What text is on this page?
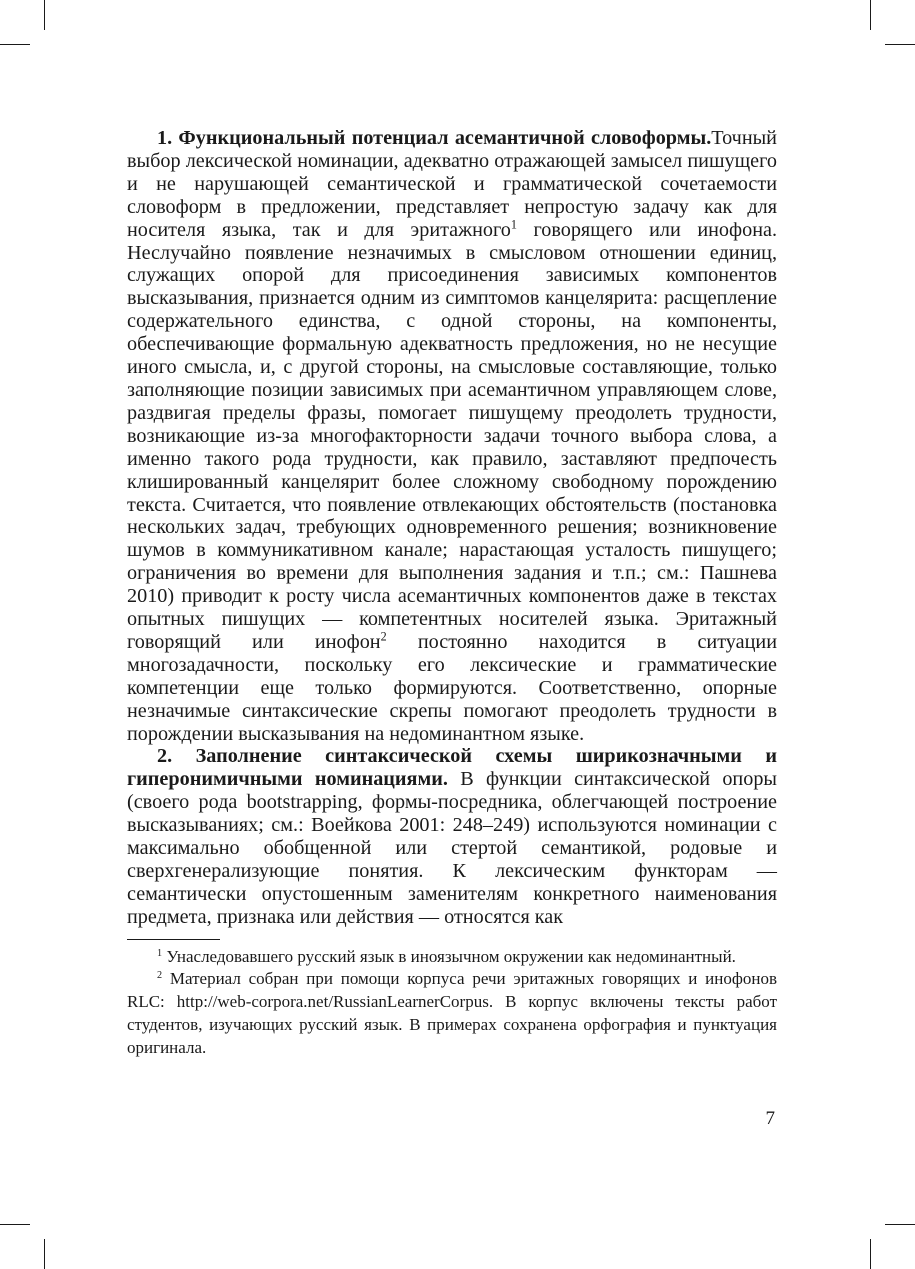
1. Функциональный потенциал асемантичной словоформы.Точный выбор лексической номинации, адекватно отражающей замысел пишущего и не нарушающей семантической и грамматической сочетаемости словоформ в предложении, представляет непростую задачу как для носителя языка, так и для эритажного$^1$ говорящего или инофона. Неслучайно появление незначимых в смысловом отношении единиц, служащих опорой для присоединения зависимых компонентов высказывания, признается одним из симптомов канцелярита: расщепление содержательного единства, с одной стороны, на компоненты, обеспечивающие формальную адекватность предложения, но не несущие иного смысла, и, с другой стороны, на смысловые составляющие, только заполняющие позиции зависимых при асемантичном управляющем слове, раздвигая пределы фразы, помогает пишущему преодолеть трудности, возникающие из-за многофакторности задачи точного выбора слова, а именно такого рода трудности, как правило, заставляют предпочесть клишированный канцелярит более сложному свободному порождению текста. Считается, что появление отвлекающих обстоятельств (постановка нескольких задач, требующих одновременного решения; возникновение шумов в коммуникативном канале; нарастающая усталость пишущего; ограничения во времени для выполнения задания и т.п.; см.: Пашнева 2010) приводит к росту числа асемантичных компонентов даже в текстах опытных пишущих — компетентных носителей языка. Эритажный говорящий или инофон$^2$ постоянно находится в ситуации многозадачности, поскольку его лексические и грамматические компетенции еще только формируются. Соответственно, опорные незначимые синтаксические скрепы помогают преодолеть трудности в порождении высказывания на недоминантном языке.

2. Заполнение синтаксической схемы ширикозначными и гиперонимичными номинациями. В функции синтаксической опоры (своего рода bootstrapping, формы-посредника, облегчающей построение высказываниях; см.: Воейкова 2001: 248–249) используются номинации с максимально обобщенной или стертой семантикой, родовые и сверхгенерализующие понятия. К лексическим функторам — семантически опустошенным заменителям конкретного наименования предмета, признака или действия — относятся как

$^1$ Унаследовавшего русский язык в иноязычном окружении как недоминантный.

$^2$ Материал собран при помощи корпуса речи эритажных говорящих и инофонов RLC: http://web-corpora.net/RussianLearnerCorpus. В корпус включены тексты работ студентов, изучающих русский язык. В примерах сохранена орфография и пунктуация оригинала.

7
